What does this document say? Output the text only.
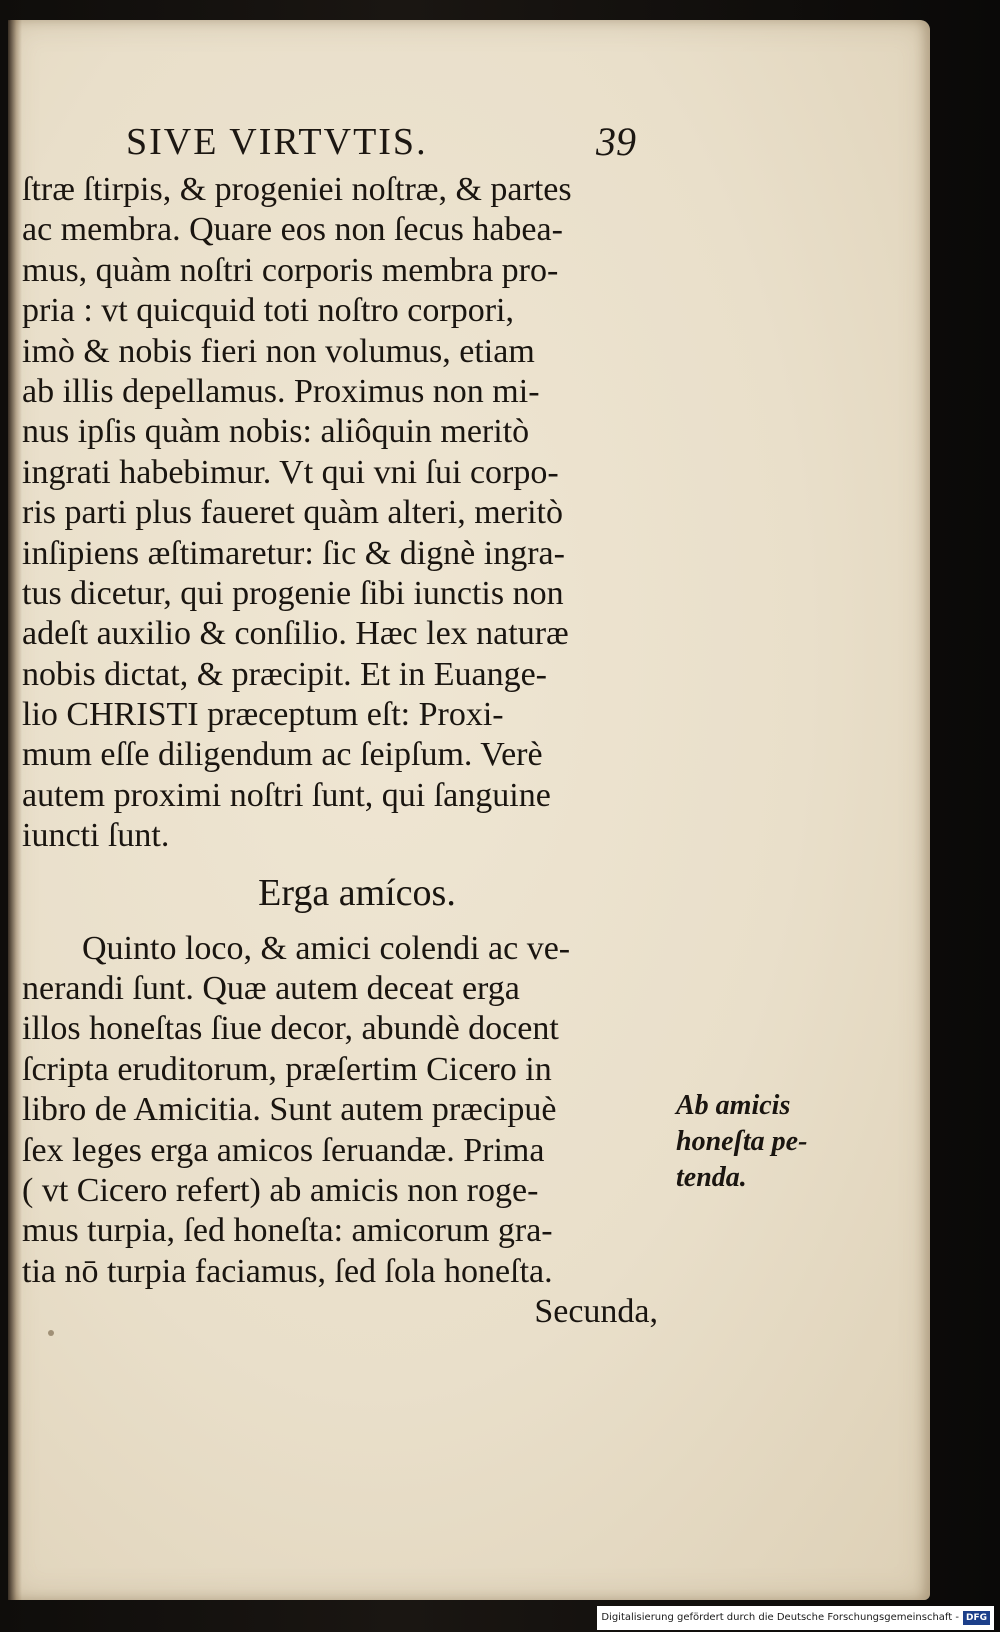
SIVE VIRTVTIS.	39
ſtræ ſtirpis, & progeniei noſtræ, & partes
ac membra. Quare eos non ſecus habea-
mus, quàm noſtri corporis membra pro-
pria : vt quicquid toti noſtro corpori,
imò & nobis fieri non volumus, etiam
ab illis depellamus. Proximus non mi-
nus ipſis quàm nobis: aliôquin meritò
ingrati habebimur. Vt qui vni ſui corpo-
ris parti plus faueret quàm alteri, meritò
inſipiens æſtimaretur: ſic & dignè ingra-
tus dicetur, qui progenie ſibi iunctis non
adeſt auxilio & conſilio. Hæc lex naturæ
nobis dictat, & præcipit. Et in Euange-
lio CHRISTI præceptum eſt: Proxi-
mum eſſe diligendum ac ſeipſum. Verè
autem proximi noſtri ſunt, qui ſanguine
iuncti ſunt.
Erga amícos.
Quinto loco, & amici colendi ac ve-
nerandi ſunt. Quæ autem deceat erga
illos honeſtas ſiue decor, abundè docent
ſcripta eruditorum, præſertim Cicero in
libro de Amicitia. Sunt autem præcipuè
ſex leges erga amicos ſeruandæ. Prima
( vt Cicero refert) ab amicis non roge-
mus turpia, ſed honeſta: amicorum gra-
tia nō turpia faciamus, ſed ſola honeſta.
Secunda,
Ab amicis
honeſta pe-
tenda.
Digitalisierung gefördert durch die Deutsche Forschungsgemeinschaft - DFG
